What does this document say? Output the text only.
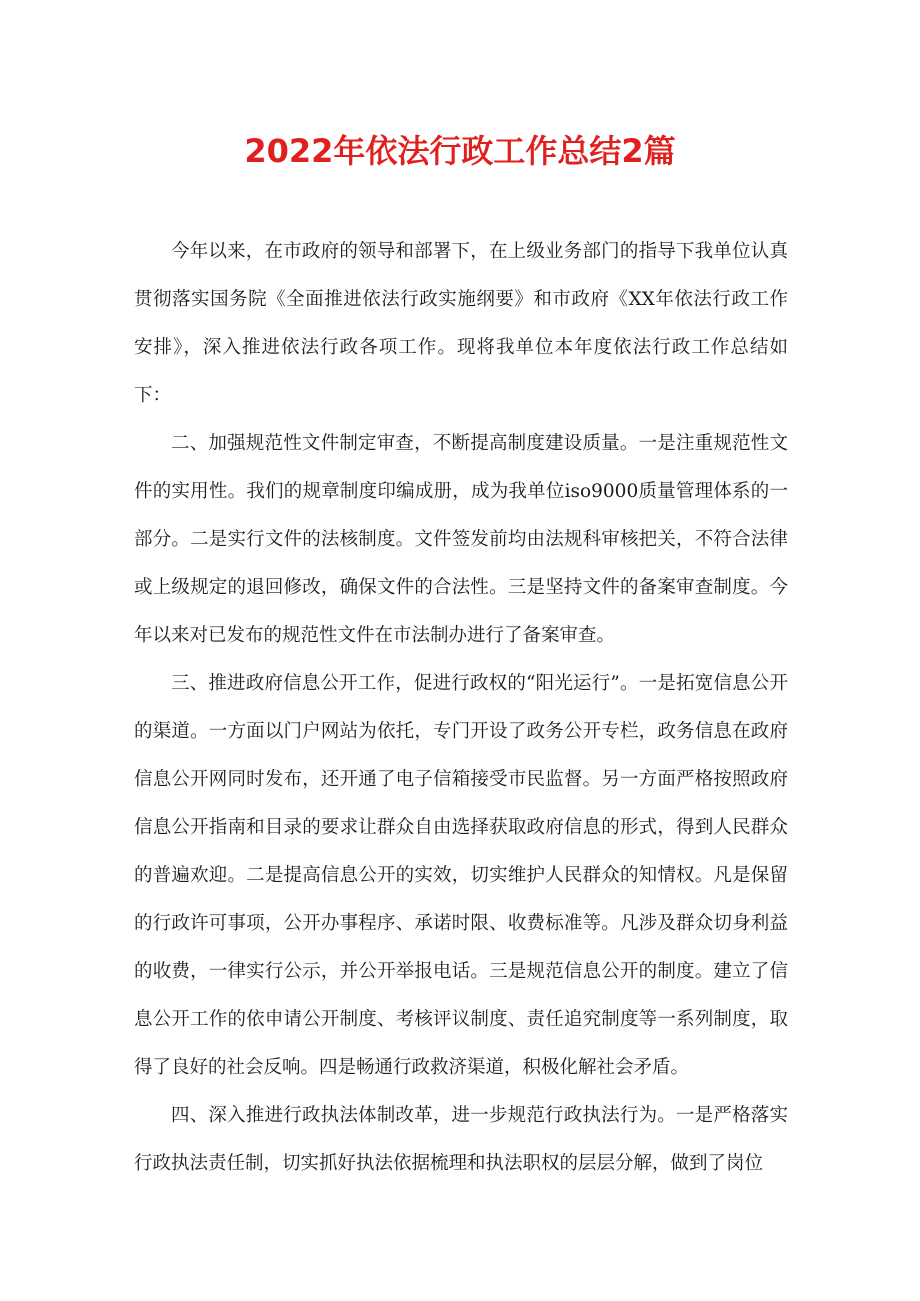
2022年依法行政工作总结2篇

今年以来，在市政府的领导和部署下，在上级业务部门的指导下我单位认真贯彻落实国务院《全面推进依法行政实施纲要》和市政府《XX年依法行政工作安排》，深入推进依法行政各项工作。现将我单位本年度依法行政工作总结如下：

二、加强规范性文件制定审查，不断提高制度建设质量。一是注重规范性文件的实用性。我们的规章制度印编成册，成为我单位iso9000质量管理体系的一部分。二是实行文件的法核制度。文件签发前均由法规科审核把关，不符合法律或上级规定的退回修改，确保文件的合法性。三是坚持文件的备案审查制度。今年以来对已发布的规范性文件在市法制办进行了备案审查。

三、推进政府信息公开工作，促进行政权的“阳光运行”。一是拓宽信息公开的渠道。一方面以门户网站为依托，专门开设了政务公开专栏，政务信息在政府信息公开网同时发布，还开通了电子信箱接受市民监督。另一方面严格按照政府信息公开指南和目录的要求让群众自由选择获取政府信息的形式，得到人民群众的普遍欢迎。二是提高信息公开的实效，切实维护人民群众的知情权。凡是保留的行政许可事项，公开办事程序、承诺时限、收费标准等。凡涉及群众切身利益的收费，一律实行公示，并公开举报电话。三是规范信息公开的制度。建立了信息公开工作的依申请公开制度、考核评议制度、责任追究制度等一系列制度，取得了良好的社会反响。四是畅通行政救济渠道，积极化解社会矛盾。

四、深入推进行政执法体制改革，进一步规范行政执法行为。一是严格落实行政执法责任制，切实抓好执法依据梳理和执法职权的层层分解，做到了岗位
